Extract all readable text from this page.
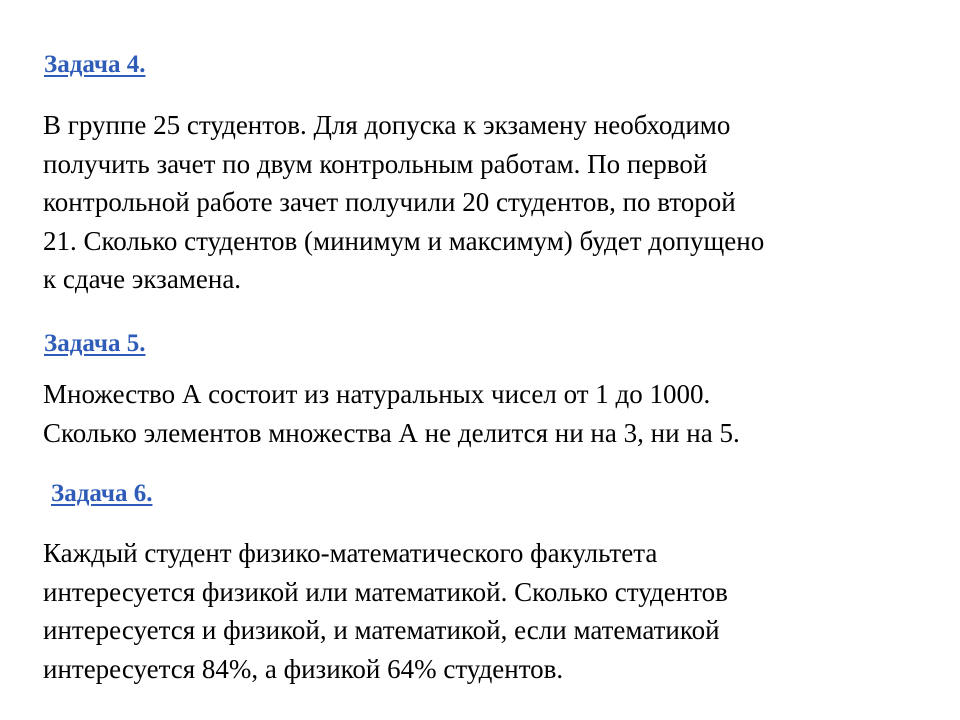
Задача 4.
В группе 25 студентов. Для допуска к экзамену необходимо
получить зачет по двум контрольным работам. По первой
контрольной работе зачет получили 20 студентов, по второй
21. Сколько студентов (минимум и максимум) будет допущено
к сдаче экзамена.
Задача 5.
Множество А состоит из натуральных чисел от 1 до 1000.
Сколько элементов множества А не делится ни на 3, ни на 5.
Задача 6.
Каждый студент физико-математического факультета
интересуется физикой или математикой. Сколько студентов
интересуется и физикой, и математикой, если математикой
интересуется 84%, а физикой 64% студентов.
